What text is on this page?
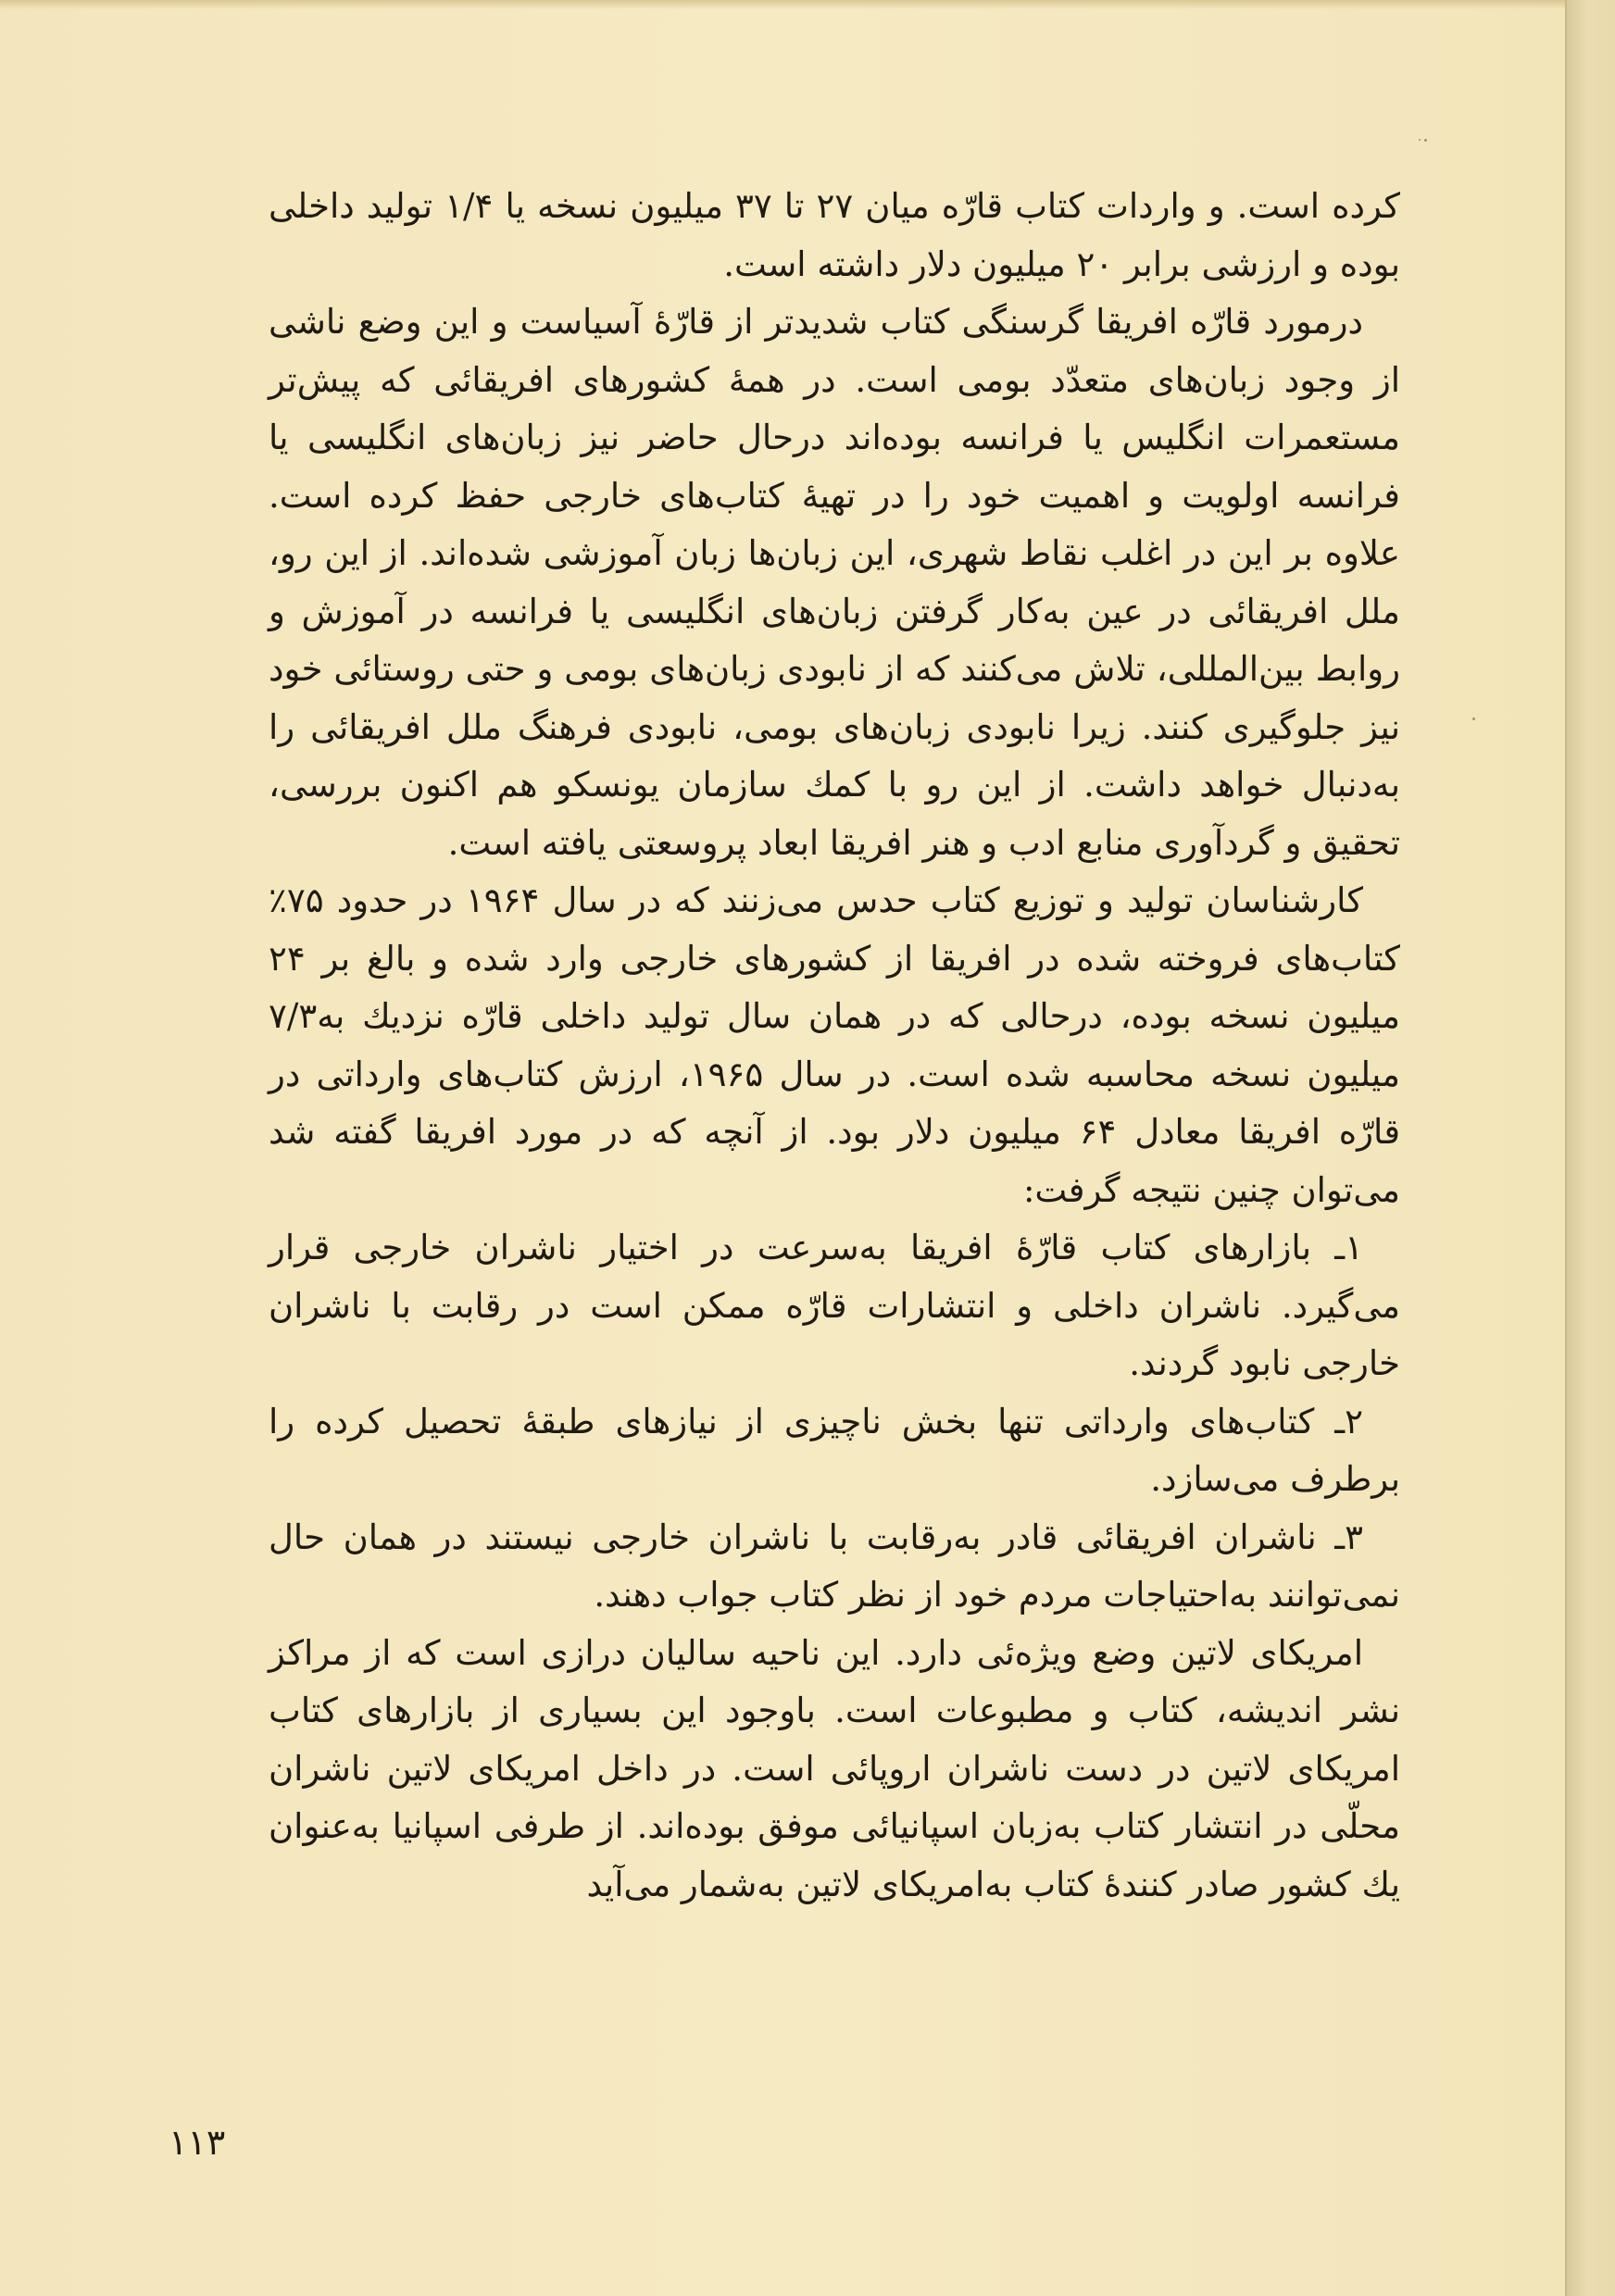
کرده است. و واردات کتاب قارّه میان ۲۷ تا ۳۷ میلیون نسخه یا ۱/۴ تولید داخلی بوده و ارزشی برابر ۲۰ میلیون دلار داشته است.

درمورد قارّه افریقا گرسنگی کتاب شدیدتر از قارّهٔ آسیاست و این وضع ناشی از وجود زبان‌های متعدّد بومی است. در همهٔ کشورهای افریقائی که پیش‌تر مستعمرات انگلیس یا فرانسه بوده‌اند درحال حاضر نیز زبان‌های انگلیسی یا فرانسه اولویت و اهمیت خود را در تهیهٔ کتاب‌های خارجی حفظ کرده است. علاوه بر این در اغلب نقاط شهری، این زبان‌ها زبان آموزشی شده‌اند. از این رو، ملل افریقائی در عین به‌کار گرفتن زبان‌های انگلیسی یا فرانسه در آموزش و روابط بین‌المللی، تلاش می‌کنند که از نابودی زبان‌های بومی و حتی روستائی خود نیز جلوگیری کنند. زیرا نابودی زبان‌های بومی، نابودی فرهنگ ملل افریقائی را به‌دنبال خواهد داشت. از این رو با کمك سازمان یونسکو هم اکنون بررسی، تحقیق و گردآوری منابع ادب و هنر افریقا ابعاد پروسعتی یافته است.

کارشناسان تولید و توزیع کتاب حدس می‌زنند که در سال ۱۹۶۴ در حدود ۷۵٪ کتاب‌های فروخته شده در افریقا از کشورهای خارجی وارد شده و بالغ بر ۲۴ میلیون نسخه بوده، درحالی که در همان سال تولید داخلی قارّه نزدیك به۷/۳ میلیون نسخه محاسبه شده است. در سال ۱۹۶۵، ارزش کتاب‌های وارداتی در قارّه افریقا معادل ۶۴ میلیون دلار بود. از آنچه که در مورد افریقا گفته شد می‌توان چنین نتیجه گرفت:

۱ـ بازارهای کتاب قارّهٔ افریقا به‌سرعت در اختیار ناشران خارجی قرار می‌گیرد. ناشران داخلی و انتشارات قارّه ممکن است در رقابت با ناشران خارجی نابود گردند.

۲ـ کتاب‌های وارداتی تنها بخش ناچیزی از نیازهای طبقهٔ تحصیل کرده را برطرف می‌سازد.

۳ـ ناشران افریقائی قادر به‌رقابت با ناشران خارجی نیستند در همان حال نمی‌توانند به‌احتیاجات مردم خود از نظر کتاب جواب دهند.

امریکای لاتین وضع ویژه‌ئی دارد. این ناحیه سالیان درازی است که از مراکز نشر اندیشه، کتاب و مطبوعات است. باوجود این بسیاری از بازارهای کتاب امریکای لاتین در دست ناشران اروپائی است. در داخل امریکای لاتین ناشران محلّی در انتشار کتاب به‌زبان اسپانیائی موفق بوده‌اند. از طرفی اسپانیا به‌عنوان یك کشور صادر کنندهٔ کتاب به‌امریکای لاتین به‌شمار می‌آید

۱۱۳
